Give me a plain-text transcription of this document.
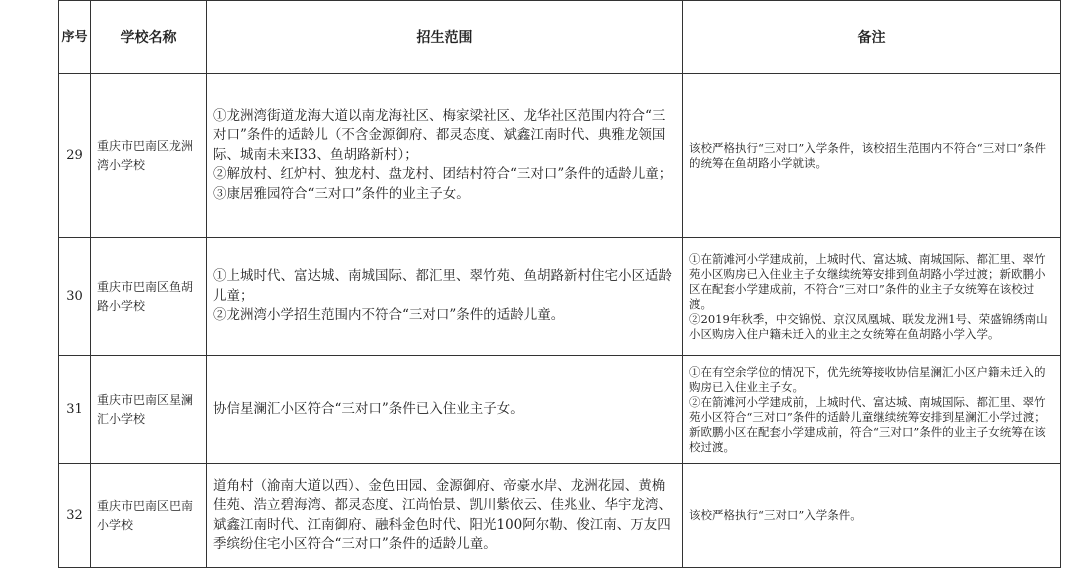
序号	学校名称	招生范围	备注
29	重庆市巴南区龙洲湾小学校	①龙洲湾街道龙海大道以南龙海社区、梅家梁社区、龙华社区范围内符合“三对口”条件的适龄儿（不含金源御府、都灵态度、斌鑫江南时代、典雅龙领国际、城南未来I33、鱼胡路新村）；
②解放村、红炉村、独龙村、盘龙村、团结村符合“三对口”条件的适龄儿童；
③康居雅园符合“三对口”条件的业主子女。	该校严格执行“三对口”入学条件，该校招生范围内不符合“三对口”条件的统筹在鱼胡路小学就读。

30	重庆市巴南区鱼胡路小学校	①上城时代、富达城、南城国际、都汇里、翠竹苑、鱼胡路新村住宅小区适龄儿童；
②龙洲湾小学招生范围内不符合“三对口”条件的适龄儿童。	①在箭滩河小学建成前，上城时代、富达城、南城国际、都汇里、翠竹苑小区购房已入住业主子女继续统筹安排到鱼胡路小学过渡；新欧鹏小区在配套小学建成前，不符合“三对口”条件的业主子女统筹在该校过渡。
②2019年秋季，中交锦悦、京汉凤凰城、联发龙洲1号、荣盛锦绣南山小区购房入住户籍未迁入的业主之女统筹在鱼胡路小学入学。

31	重庆市巴南区星澜汇小学校	协信星澜汇小区符合“三对口”条件已入住业主子女。	①在有空余学位的情况下，优先统筹接收协信星澜汇小区户籍未迁入的购房已入住业主子女。
②在箭滩河小学建成前，上城时代、富达城、南城国际、都汇里、翠竹苑小区符合“三对口”条件的适龄儿童继续统筹安排到星澜汇小学过渡；新欧鹏小区在配套小学建成前，符合“三对口”条件的业主子女统筹在该校过渡。

32	重庆市巴南区巴南小学校	道角村（渝南大道以西）、金色田园、金源御府、帝豪水岸、龙洲花园、黄桷佳苑、浩立碧海湾、都灵态度、江尚怡景、凯川紫依云、佳兆业、华宇龙湾、斌鑫江南时代、江南御府、融科金色时代、阳光100阿尔勒、俊江南、万友四季缤纷住宅小区符合“三对口”条件的适龄儿童。	该校严格执行“三对口”入学条件。
